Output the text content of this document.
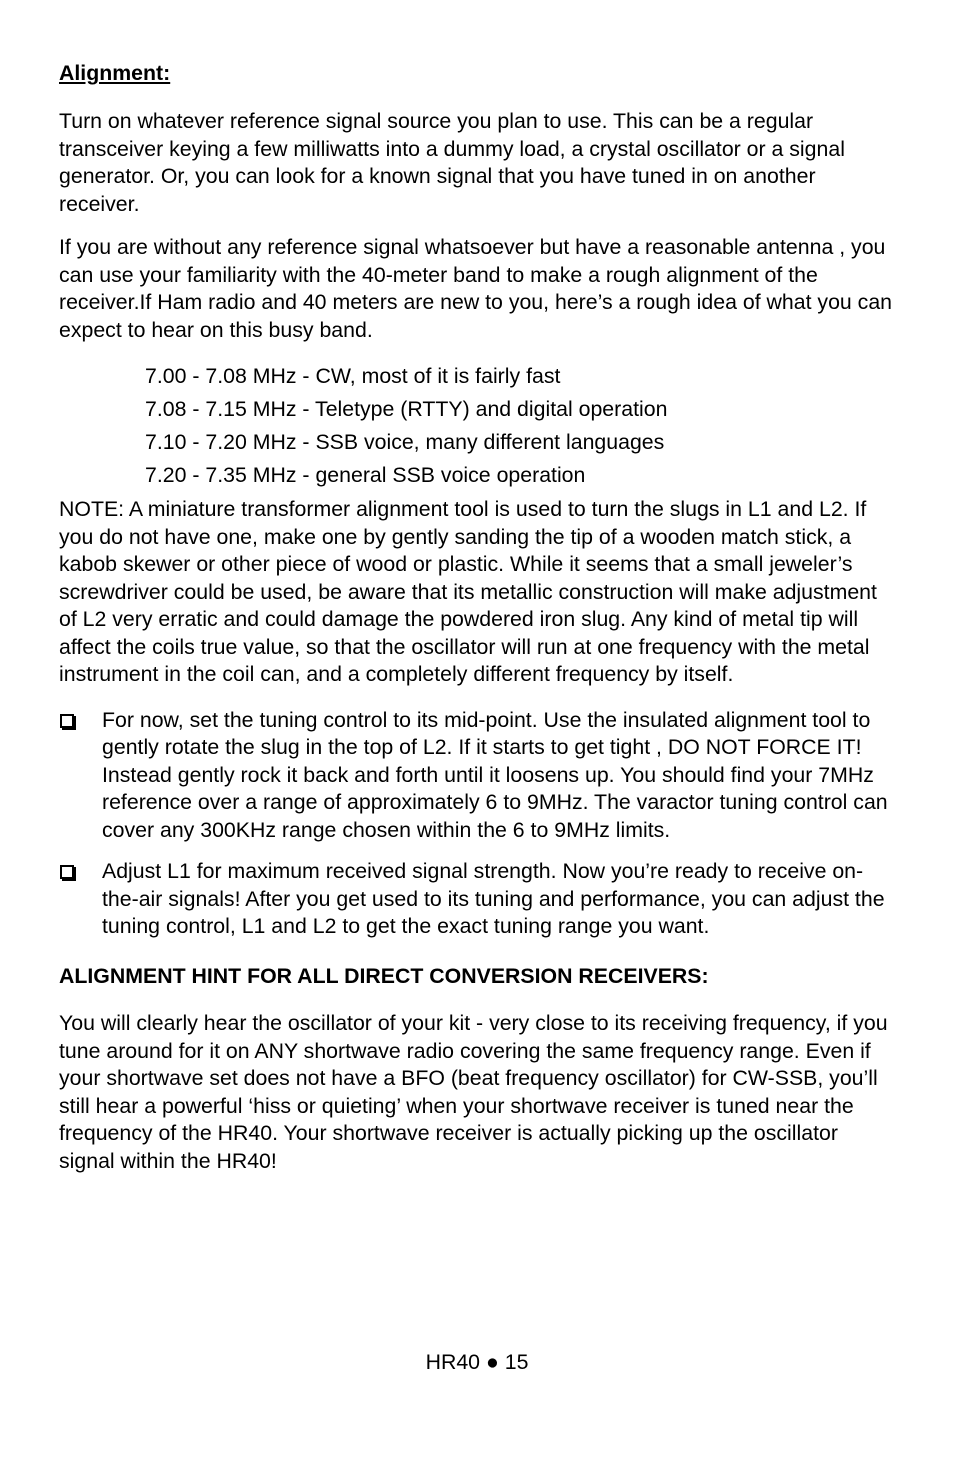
Alignment:
Turn on whatever reference signal source you plan to use. This can be a regular transceiver keying a few milliwatts into a dummy load, a crystal oscillator or a signal generator. Or, you can look for a known signal that you have tuned in on another receiver.
If you are without any reference signal whatsoever but have a reasonable antenna , you can use your familiarity with the 40-meter band to make a rough alignment of the receiver.If Ham radio and 40 meters are new to you, here’s a rough idea of what you can expect to hear on this busy band.
7.00 - 7.08 MHz - CW, most of it is fairly fast
7.08 - 7.15 MHz - Teletype (RTTY) and digital operation
7.10 - 7.20 MHz - SSB voice, many different languages
7.20 - 7.35 MHz - general SSB voice operation
NOTE: A miniature transformer alignment tool is used to turn the slugs in L1 and L2. If you do not have one, make one by gently sanding the tip of a wooden match stick, a kabob skewer or other piece of wood or plastic. While it seems that a small jeweler’s screwdriver could be used, be aware that its metallic construction will make adjustment of L2 very erratic and could damage the powdered iron slug. Any kind of metal tip will affect the coils true value, so that the oscillator will run at one frequency with the metal instrument in the coil can, and a completely different frequency by itself.
For now, set the tuning control to its mid-point. Use the insulated alignment tool to gently rotate the slug in the top of L2. If it starts to get tight , DO NOT FORCE IT! Instead gently rock it back and forth until it loosens up. You should find your 7MHz reference over a range of approximately 6 to 9MHz. The varactor tuning control can cover any 300KHz range chosen within the 6 to 9MHz limits.
Adjust L1 for maximum received signal strength. Now you’re ready to receive on-the-air signals! After you get used to its tuning and performance, you can adjust the tuning control, L1 and L2 to get the exact tuning range you want.
ALIGNMENT HINT FOR ALL DIRECT CONVERSION RECEIVERS:
You will clearly hear the oscillator of your kit - very close to its receiving frequency, if you tune around for it on ANY shortwave radio covering the same frequency range. Even if your shortwave set does not have a BFO (beat frequency oscillator) for CW-SSB, you’ll still hear a powerful ‘hiss or quieting’ when your shortwave receiver is tuned near the frequency of the HR40. Your shortwave receiver is actually picking up the oscillator signal within the HR40!
HR40 ● 15
